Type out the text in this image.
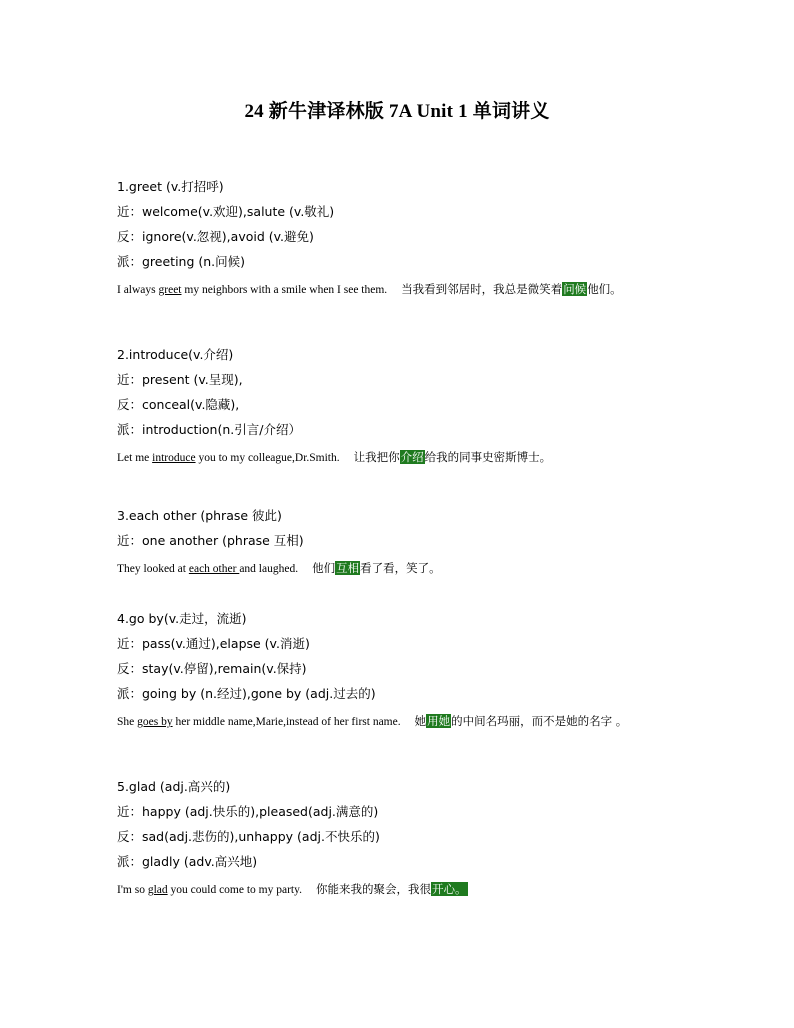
24 新牛津译林版 7A Unit 1 单词讲义
1.greet (v.打招呼)
近：welcome(v.欢迎),salute (v.敬礼)
反：ignore(v.忽视),avoid (v.避免)
派：greeting (n.问候)
I always greet my neighbors with a smile when I see them. 当我看到邻居时，我总是微笑着问候他们。
2.introduce(v.介绍)
近：present (v.呈现),
反：conceal(v.隐藏),
派：introduction(n.引言/介绍）
Let me introduce you to my colleague,Dr.Smith. 让我把你介绍给我的同事史密斯博士。
3.each other (phrase 彼此)
近：one another (phrase 互相)
They looked at each other and laughed. 他们互相看了看，笑了。
4.go by(v.走过，流逝)
近：pass(v.通过),elapse (v.消逝)
反：stay(v.停留),remain(v.保持)
派：going by (n.经过),gone by (adj.过去的)
She goes by her middle name,Marie,instead of her first name. 她用她的中间名玛丽，而不是她的名字 。
5.glad (adj.高兴的)
近：happy (adj.快乐的),pleased(adj.满意的)
反：sad(adj.悲伤的),unhappy (adj.不快乐的)
派：gladly (adv.高兴地)
I'm so glad you could come to my party. 你能来我的聚会，我很开心。
